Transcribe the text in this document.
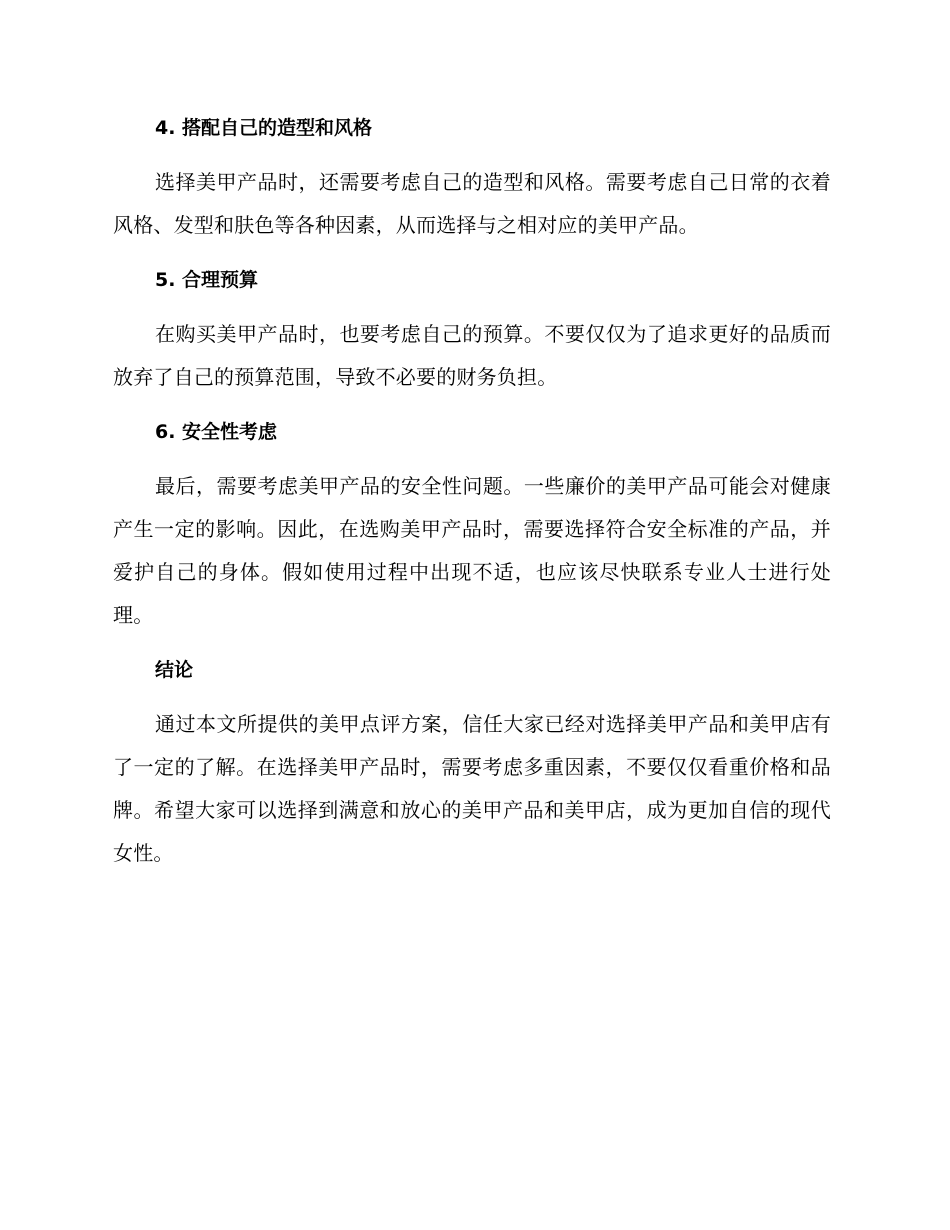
4. 搭配自己的造型和风格

选择美甲产品时，还需要考虑自己的造型和风格。需要考虑自己日常的衣着风格、发型和肤色等各种因素，从而选择与之相对应的美甲产品。

5. 合理预算

在购买美甲产品时，也要考虑自己的预算。不要仅仅为了追求更好的品质而放弃了自己的预算范围，导致不必要的财务负担。

6. 安全性考虑

最后，需要考虑美甲产品的安全性问题。一些廉价的美甲产品可能会对健康产生一定的影响。因此，在选购美甲产品时，需要选择符合安全标准的产品，并爱护自己的身体。假如使用过程中出现不适，也应该尽快联系专业人士进行处理。

结论

通过本文所提供的美甲点评方案，信任大家已经对选择美甲产品和美甲店有了一定的了解。在选择美甲产品时，需要考虑多重因素，不要仅仅看重价格和品牌。希望大家可以选择到满意和放心的美甲产品和美甲店，成为更加自信的现代女性。
